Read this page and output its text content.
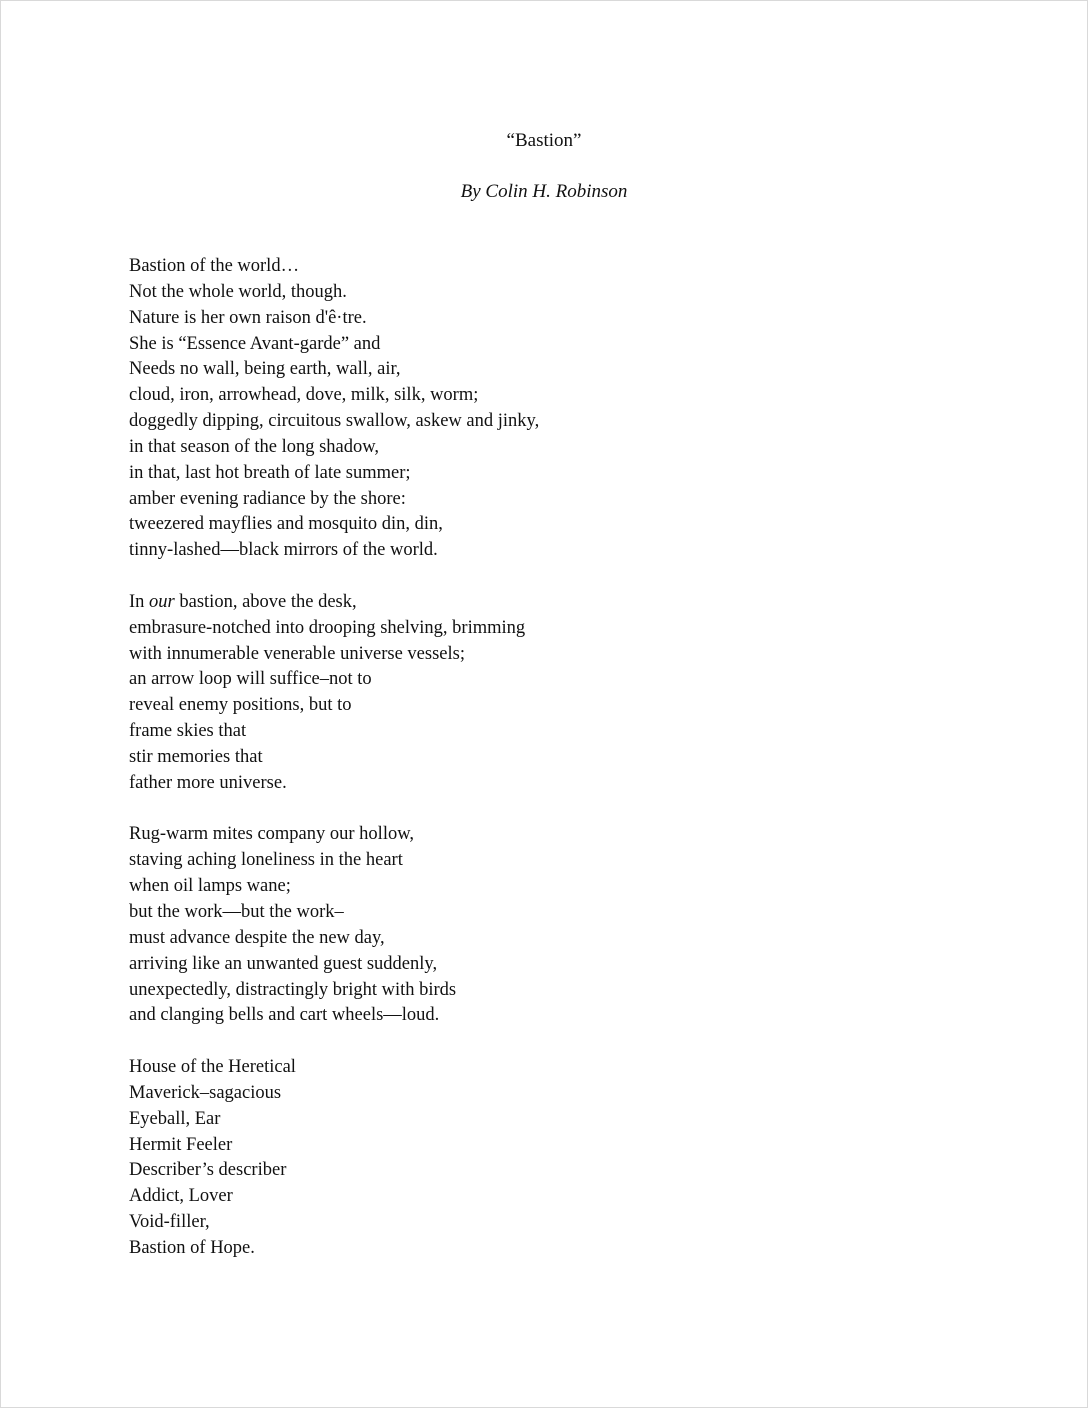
“Bastion”
By Colin H. Robinson
Bastion of the world…
Not the whole world, though.
Nature is her own raison d'ê·tre.
She is “Essence Avant-garde” and
Needs no wall, being earth, wall, air,
cloud, iron, arrowhead, dove, milk, silk, worm;
doggedly dipping, circuitous swallow, askew and jinky,
in that season of the long shadow,
in that, last hot breath of late summer;
amber evening radiance by the shore:
tweezered mayflies and mosquito din, din,
tinny-lashed—black mirrors of the world.
In our bastion, above the desk,
embrasure-notched into drooping shelving, brimming
with innumerable venerable universe vessels;
an arrow loop will suffice–not to
reveal enemy positions, but to
frame skies that
stir memories that
father more universe.
Rug-warm mites company our hollow,
staving aching loneliness in the heart
when oil lamps wane;
but the work—but the work–
must advance despite the new day,
arriving like an unwanted guest suddenly,
unexpectedly, distractingly bright with birds
and clanging bells and cart wheels—loud.
House of the Heretical
Maverick–sagacious
Eyeball, Ear
Hermit Feeler
Describer’s describer
Addict, Lover
Void-filler,
Bastion of Hope.
